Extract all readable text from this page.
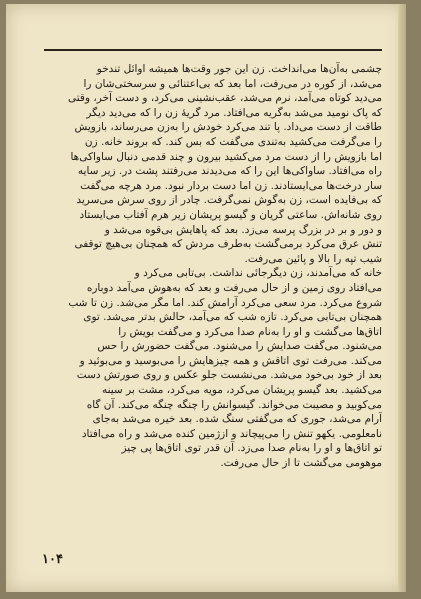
چشمی به‌آن‌ها می‌انداخت. زن این جور وقت‌ها همیشه اوائل تندخو
می‌شد، از کوره در می‌رفت، اما بعد که بی‌اعتنائی و سرسختی‌شان را
می‌دید کوتاه می‌آمد، نرم می‌شد، عقب‌نشینی می‌کرد، و دست آخر، وقتی
که پاک نومید می‌شد به‌گریه می‌افتاد. مرد گریهٔ زن را که می‌دید دیگر
طاقت از دست می‌داد. پا تند می‌کرد خودش را به‌زن می‌رساند، بازویش
را می‌گرفت می‌کشید به‌تندی می‌گفت که بس کند. که بروند خانه. زن
اما بازویش را از دست مرد می‌کشید بیرون و چند قدمی دنبال ساواکی‌ها
راه می‌افتاد. ساواکی‌ها این را که می‌دیدند می‌رفتند پشت در. زیر سایه
سار درخت‌ها می‌ایستادند. زن اما دست بردار نبود. مرد هرچه می‌گفت
که بی‌فایده است، زن به‌گوش نمی‌گرفت. چادر از روی سرش می‌سرید
روی شانه‌اش. ساعتی گریان و گیسو پریشان زیر هرم آفتاب می‌ایستاد
و دور و بر در بزرگ پرسه می‌زد. بعد که پاهایش بی‌قوه می‌شد و
تنش عرق می‌کرد برمی‌گشت به‌طرف مردش که همچنان بی‌هیچ توقفی
شیب تپه را بالا و پائین می‌رفت.
خانه که می‌آمدند، زن دیگرجائی نداشت. بی‌تابی می‌کرد و
می‌افتاد روی زمین و از حال می‌رفت و بعد که به‌هوش می‌آمد دوباره
شروع می‌کرد. مرد سعی می‌کرد آرامش کند. اما مگر می‌شد. زن تا شب
همچنان بی‌تابی می‌کرد. تازه شب که می‌آمد، حالش بدتر می‌شد. توی
اتاق‌ها می‌گشت و او را به‌نام صدا می‌کرد و می‌گفت بویش را
می‌شنود. می‌گفت صدایش را می‌شنود. می‌گفت حضورش را حس
می‌کند. می‌رفت توی اتاقش و همه چیزهایش را می‌بوسید و می‌بوئید و
بعد از خود بی‌خود می‌شد. می‌نشست جلو عکس و روی صورتش دست
می‌کشید. بعد گیسو پریشان می‌کرد، مویه می‌کرد، مشت بر سینه
می‌کوبید و مصیبت می‌خواند. گیسوانش را چنگه چنگه می‌کند. آن گاه
آرام می‌شد، جوری که می‌گفتی سنگ شده. بعد خیره می‌شد به‌جای
نامعلومی. یکهو تنش را می‌پیچاند و ازژمین کنده می‌شد و راه می‌افتاد
تو اتاق‌ها و او را به‌نام صدا می‌زد. آن قدر توی اتاق‌ها پی چیز
موهومی می‌گشت تا از حال می‌رفت.
۱۰۴
